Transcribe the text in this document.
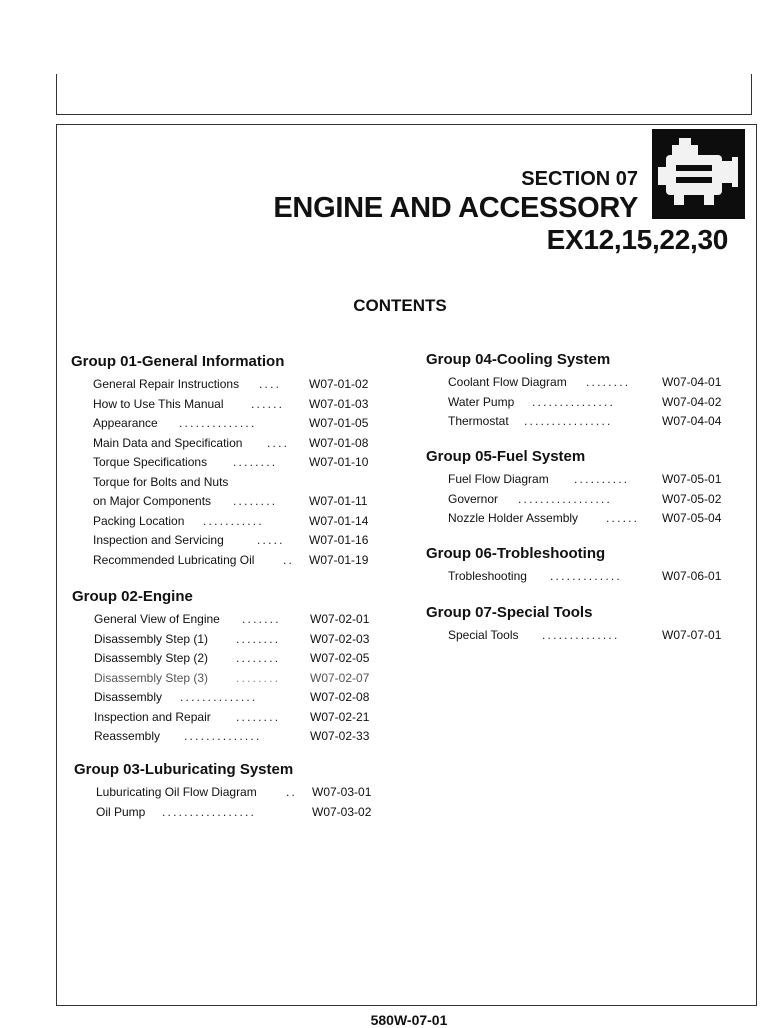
SECTION 07
ENGINE AND ACCESSORY
EX12,15,22,30
CONTENTS
Group 01-General Information
General Repair Instructions ....	W07-01-02
How to Use This Manual ......	W07-01-03
Appearance ..............	W07-01-05
Main Data and Specification ....	W07-01-08
Torque Specifications ........	W07-01-10
Torque for Bolts and Nuts
on Major Components ........	W07-01-11
Packing Location ...........	W07-01-14
Inspection and Servicing	.....	W07-01-16
Recommended Lubricating Oil ..	W07-01-19
Group 02-Engine
General View of Engine .......	W07-02-01
Disassembly Step (1) ........	W07-02-03
Disassembly Step (2) ........	W07-02-05
Disassembly Step (3) ........	W07-02-07
Disassembly ..............	W07-02-08
Inspection and Repair ........	W07-02-21
Reassembly ..............	W07-02-33
Group 03-Luburicating System
Luburicating Oil Flow Diagram ..	W07-03-01
Oil Pump .................	W07-03-02
Group 04-Cooling System
Coolant Flow Diagram ........	W07-04-01
Water Pump ...............	W07-04-02
Thermostat ................	W07-04-04
Group 05-Fuel System
Fuel Flow Diagram ..........	W07-05-01
Governor .................	W07-05-02
Nozzle Holder Assembly ......	W07-05-04
Group 06-Trobleshooting
Trobleshooting .............	W07-06-01
Group 07-Special Tools
Special Tools ..............	W07-07-01
580W-07-01
